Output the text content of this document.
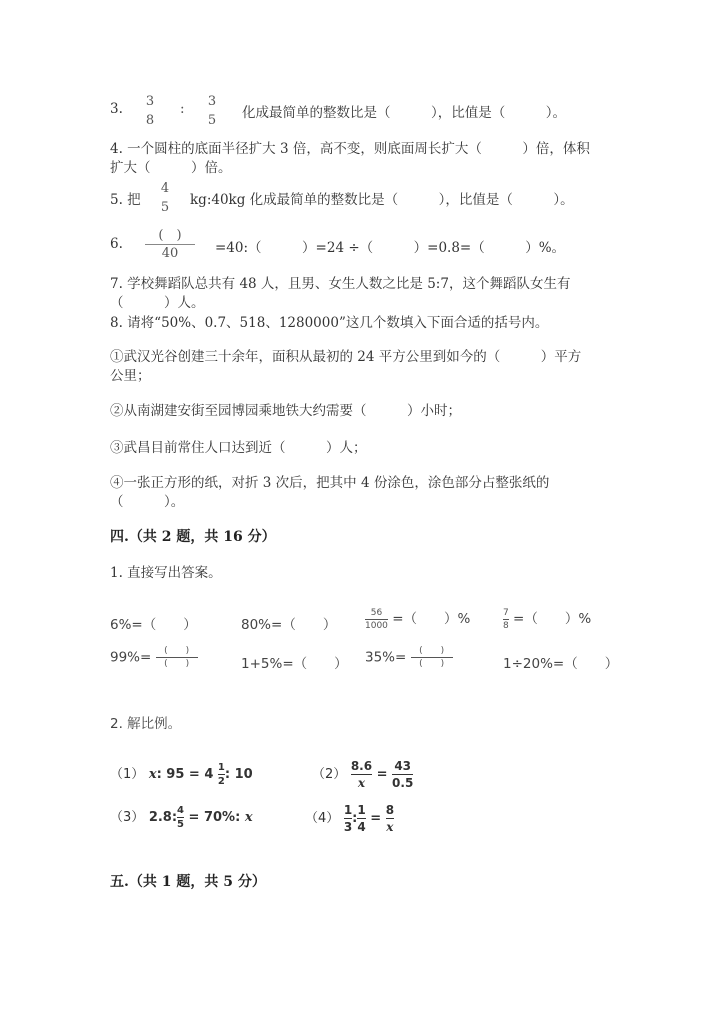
3. 3
8
: 3
5 化成最简单的整数比是（　　　），比值是（　　　）。
4. 一个圆柱的底面半径扩大 3 倍，高不变，则底面周长扩大（　　　）倍，体积
扩大（　　　）倍。
5. 把
4
5 kg:40kg 化成最简单的整数比是（　　　），比值是（　　　）。
6.
(　)
40	=40:（　　　）=24 ÷（　　　）=0.8=（　　　）%。
7. 学校舞蹈队总共有 48 人，且男、女生人数之比是 5:7，这个舞蹈队女生有
（　　　）人。
8. 请将“50%、0.7、518、1280000”这几个数填入下面合适的括号内。
①武汉光谷创建三十余年，面积从最初的 24 平方公里到如今的（　　　）平方
公里；
②从南湖建安街至园博园乘地铁大约需要（　　　）小时；
③武昌目前常住人口达到近（　　　）人；
④一张正方形的纸，对折 3 次后，把其中 4 份涂色，涂色部分占整张纸的
（　　　）。
四.（共 2 题，共 16 分）
1. 直接写出答案。
6%=（　　）	80%=（　　）	$\frac{56}{1000}$ =（　　）%	$\frac{7}{8}$ =（　　）%
$99\%= \frac{( )}{( )}$	1+5%=（　　） $35\%= \frac{( )}{( )}$	1÷20%=（　　）
2. 解比例。
（1） x: $95 = 4 \frac{1}{2}$: 10	$(2) \frac{8.6}{x} = \frac{43}{0.5}$
（3） $2.8:\frac{4}{5} = 70\%$: x	$(4) \frac{1}{3}:\frac{1}{4} = \frac{8}{x}$
五.（共 1 题，共 5 分）
